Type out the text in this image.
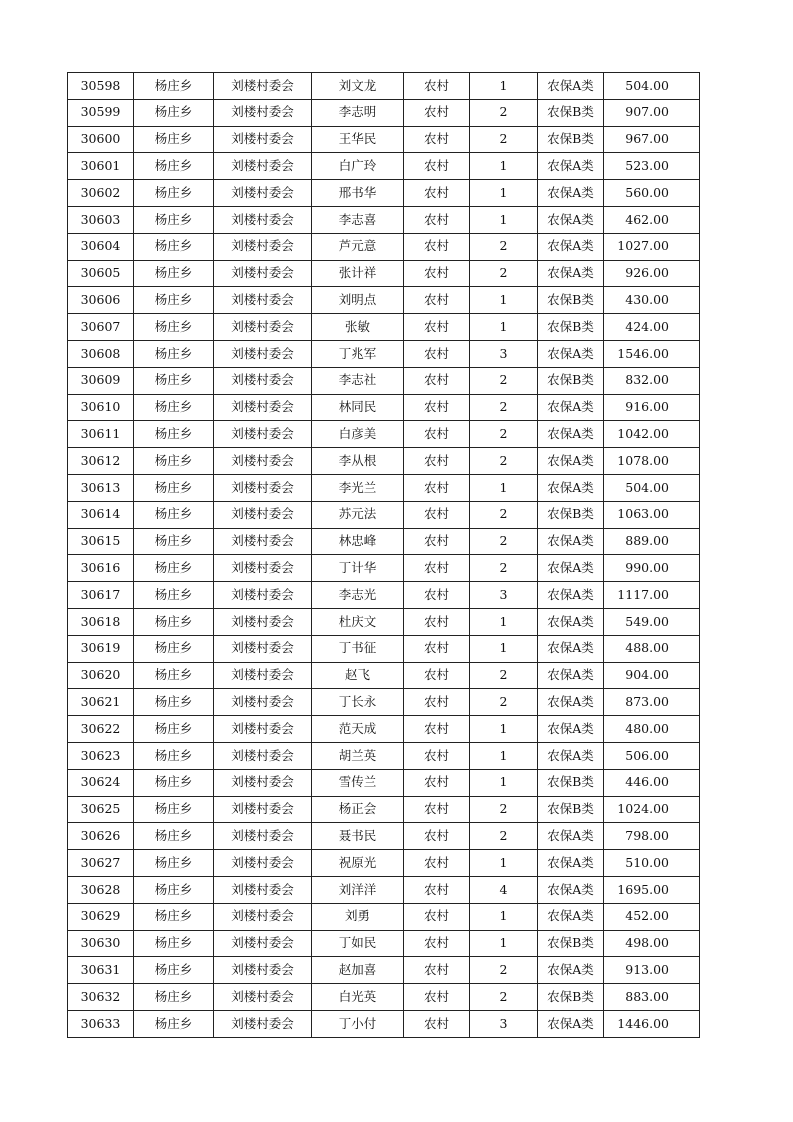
30598	杨庄乡	刘楼村委会	刘文龙	农村	1	农保A类	504.00
30599	杨庄乡	刘楼村委会	李志明	农村	2	农保B类	907.00
30600	杨庄乡	刘楼村委会	王华民	农村	2	农保B类	967.00
30601	杨庄乡	刘楼村委会	白广玲	农村	1	农保A类	523.00
30602	杨庄乡	刘楼村委会	邢书华	农村	1	农保A类	560.00
30603	杨庄乡	刘楼村委会	李志喜	农村	1	农保A类	462.00
30604	杨庄乡	刘楼村委会	芦元意	农村	2	农保A类	1027.00
30605	杨庄乡	刘楼村委会	张计祥	农村	2	农保A类	926.00
30606	杨庄乡	刘楼村委会	刘明点	农村	1	农保B类	430.00
30607	杨庄乡	刘楼村委会	张敏	农村	1	农保B类	424.00
30608	杨庄乡	刘楼村委会	丁兆军	农村	3	农保A类	1546.00
30609	杨庄乡	刘楼村委会	李志社	农村	2	农保B类	832.00
30610	杨庄乡	刘楼村委会	林同民	农村	2	农保A类	916.00
30611	杨庄乡	刘楼村委会	白彦美	农村	2	农保A类	1042.00
30612	杨庄乡	刘楼村委会	李从根	农村	2	农保A类	1078.00
30613	杨庄乡	刘楼村委会	李光兰	农村	1	农保A类	504.00
30614	杨庄乡	刘楼村委会	苏元法	农村	2	农保B类	1063.00
30615	杨庄乡	刘楼村委会	林忠峰	农村	2	农保A类	889.00
30616	杨庄乡	刘楼村委会	丁计华	农村	2	农保A类	990.00
30617	杨庄乡	刘楼村委会	李志光	农村	3	农保A类	1117.00
30618	杨庄乡	刘楼村委会	杜庆文	农村	1	农保A类	549.00
30619	杨庄乡	刘楼村委会	丁书征	农村	1	农保A类	488.00
30620	杨庄乡	刘楼村委会	赵飞	农村	2	农保A类	904.00
30621	杨庄乡	刘楼村委会	丁长永	农村	2	农保A类	873.00
30622	杨庄乡	刘楼村委会	范天成	农村	1	农保A类	480.00
30623	杨庄乡	刘楼村委会	胡兰英	农村	1	农保A类	506.00
30624	杨庄乡	刘楼村委会	雪传兰	农村	1	农保B类	446.00
30625	杨庄乡	刘楼村委会	杨正会	农村	2	农保B类	1024.00
30626	杨庄乡	刘楼村委会	聂书民	农村	2	农保A类	798.00
30627	杨庄乡	刘楼村委会	祝原光	农村	1	农保A类	510.00
30628	杨庄乡	刘楼村委会	刘洋洋	农村	4	农保A类	1695.00
30629	杨庄乡	刘楼村委会	刘勇	农村	1	农保A类	452.00
30630	杨庄乡	刘楼村委会	丁如民	农村	1	农保B类	498.00
30631	杨庄乡	刘楼村委会	赵加喜	农村	2	农保A类	913.00
30632	杨庄乡	刘楼村委会	白光英	农村	2	农保B类	883.00
30633	杨庄乡	刘楼村委会	丁小付	农村	3	农保A类	1446.00
